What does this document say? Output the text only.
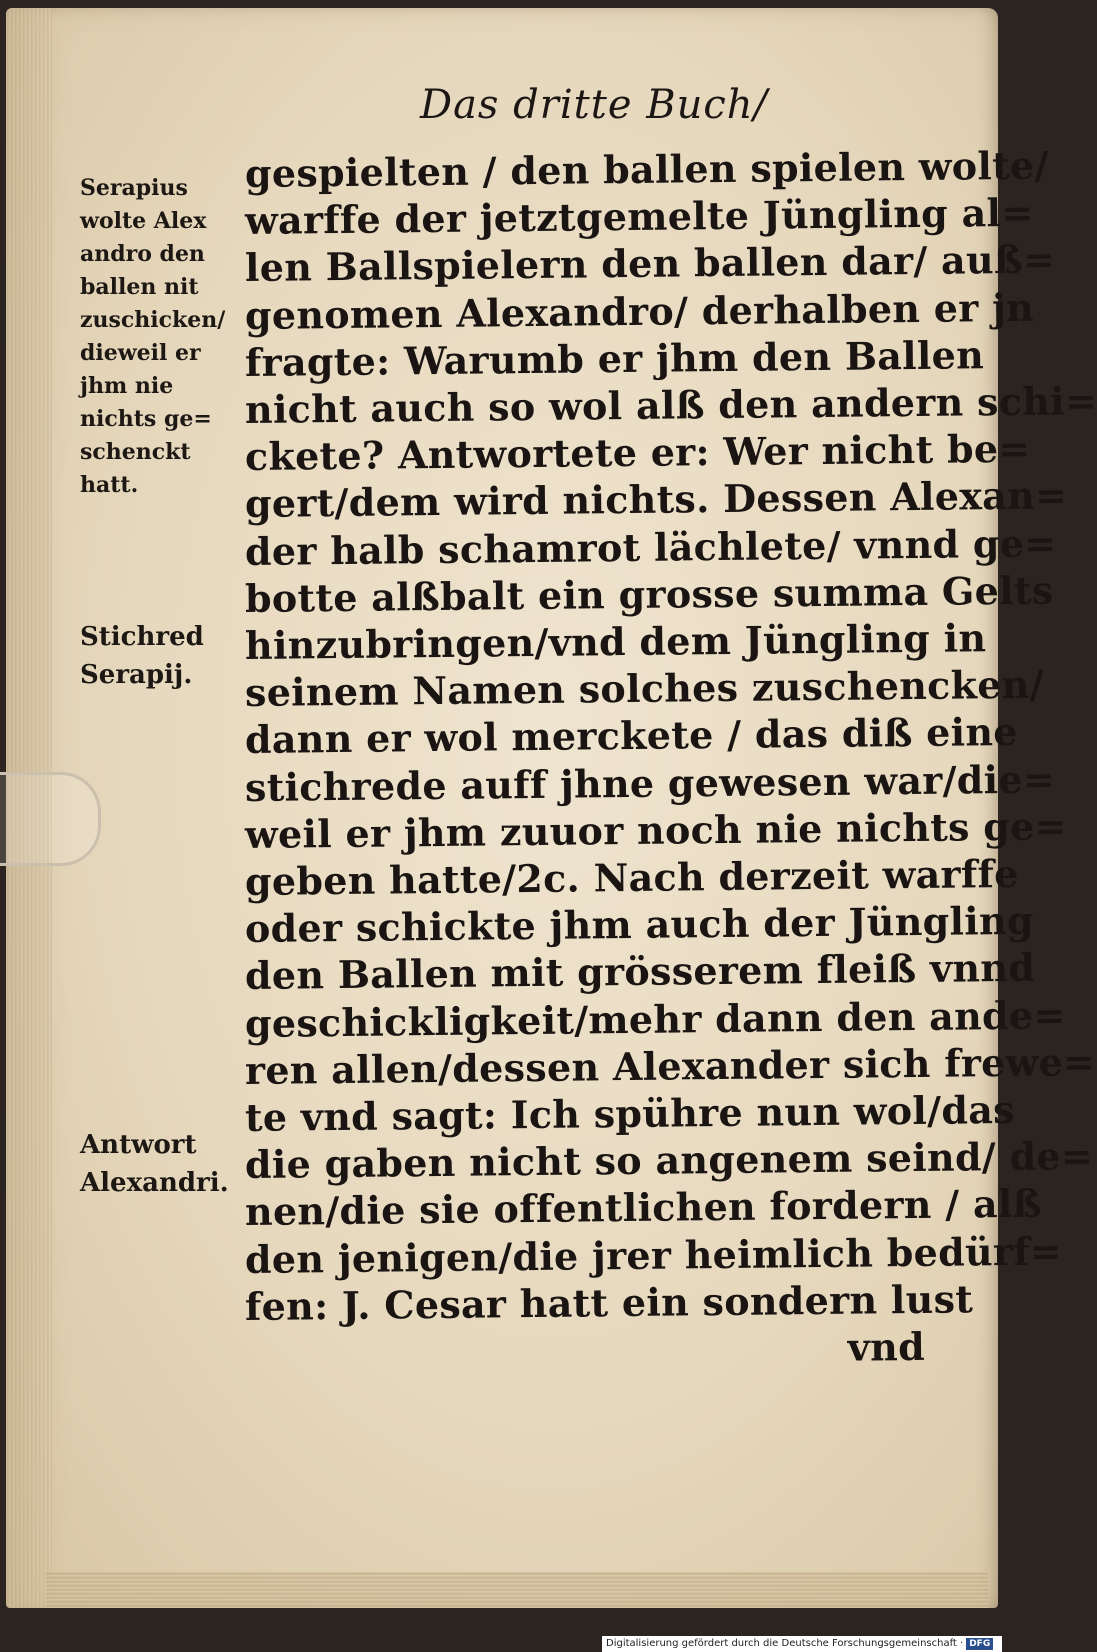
Das dritte Buch/
Serapius
wolte Alex
andro den
ballen nit
zuschicken/
dieweil er
jhm nie
nichts ge=
schenckt
hatt.
Stichred
Serapij.
Antwort
Alexandri.
gespielten / den ballen spielen wolte/
warffe der jetztgemelte Jüngling al=
len Ballspielern den ballen dar/ auß=
genomen Alexandro/ derhalben er jn
fragte: Warumb er jhm den Ballen
nicht auch so wol alß den andern schi=
ckete? Antwortete er: Wer nicht be=
gert/dem wird nichts. Dessen Alexan=
der halb schamrot lächlete/ vnnd ge=
botte alßbalt ein grosse summa Gelts
hinzubringen/vnd dem Jüngling in
seinem Namen solches zuschencken/
dann er wol merckete / das diß eine
stichrede auff jhne gewesen war/die=
weil er jhm zuuor noch nie nichts ge=
geben hatte/2c. Nach derzeit warffe
oder schickte jhm auch der Jüngling
den Ballen mit grösserem fleiß vnnd
geschickligkeit/mehr dann den ande=
ren allen/dessen Alexander sich frewe=
te vnd sagt: Ich spühre nun wol/das
die gaben nicht so angenem seind/ de=
nen/die sie offentlichen fordern / alß
den jenigen/die jrer heimlich bedürf=
fen: J. Cesar hatt ein sondern lust
vnd
Digitalisierung gefördert durch die Deutsche Forschungsgemeinschaft · DFG
